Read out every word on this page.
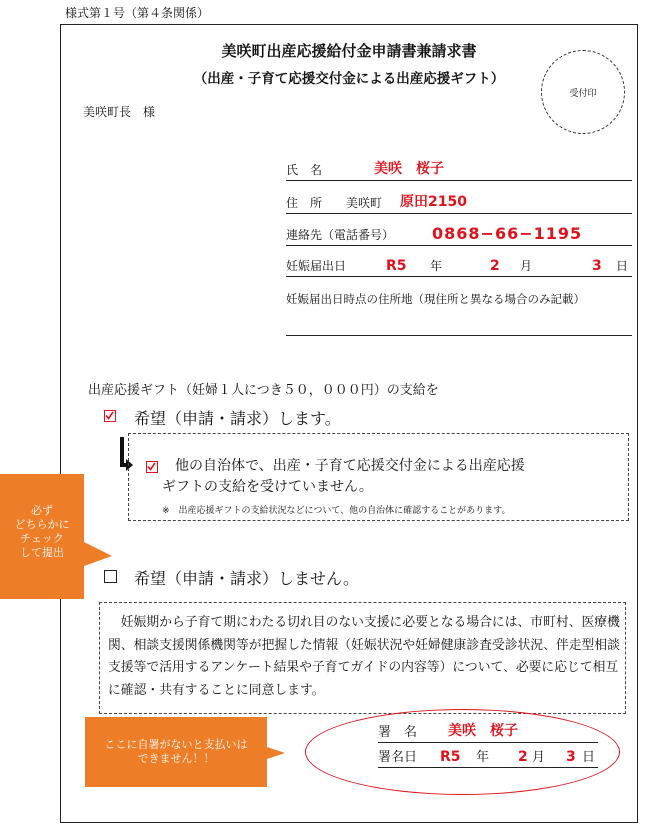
様式第１号（第４条関係）
美咲町出産応援給付金申請書兼請求書
（出産・子育て応援交付金による出産応援ギフト）
受付印
美咲町長　様
氏　名	美咲　桜子
住　所 美咲町 原田2150
連絡先（電話番号） 0868−66−1195
妊娠届出日	R5 年	2 月	3 日
妊娠届出日時点の住所地（現住所と異なる場合のみ記載）
出産応援ギフト（妊婦１人につき５０，０００円）の支給を
希望（申請・請求）します。
他の自治体で、出産・子育て応援交付金による出産応援
ギフトの支給を受けていません。
※　出産応援ギフトの支給状況などについて、他の自治体に確認することがあります。
希望（申請・請求）しません。
　妊娠期から子育て期にわたる切れ目のない支援に必要となる場合には、市町村、医療機関、相談支援関係機関等が把握した情報（妊娠状況や妊婦健康診査受診状況、伴走型相談支援等で活用するアンケート結果や子育てガイドの内容等）について、必要に応じて相互に確認・共有することに同意します。
署　名 美咲　桜子
署名日 R5 年 2 月 3 日
必ず
どちらかに
チェック
して提出
ここに自署がないと支払いは
できません！！
